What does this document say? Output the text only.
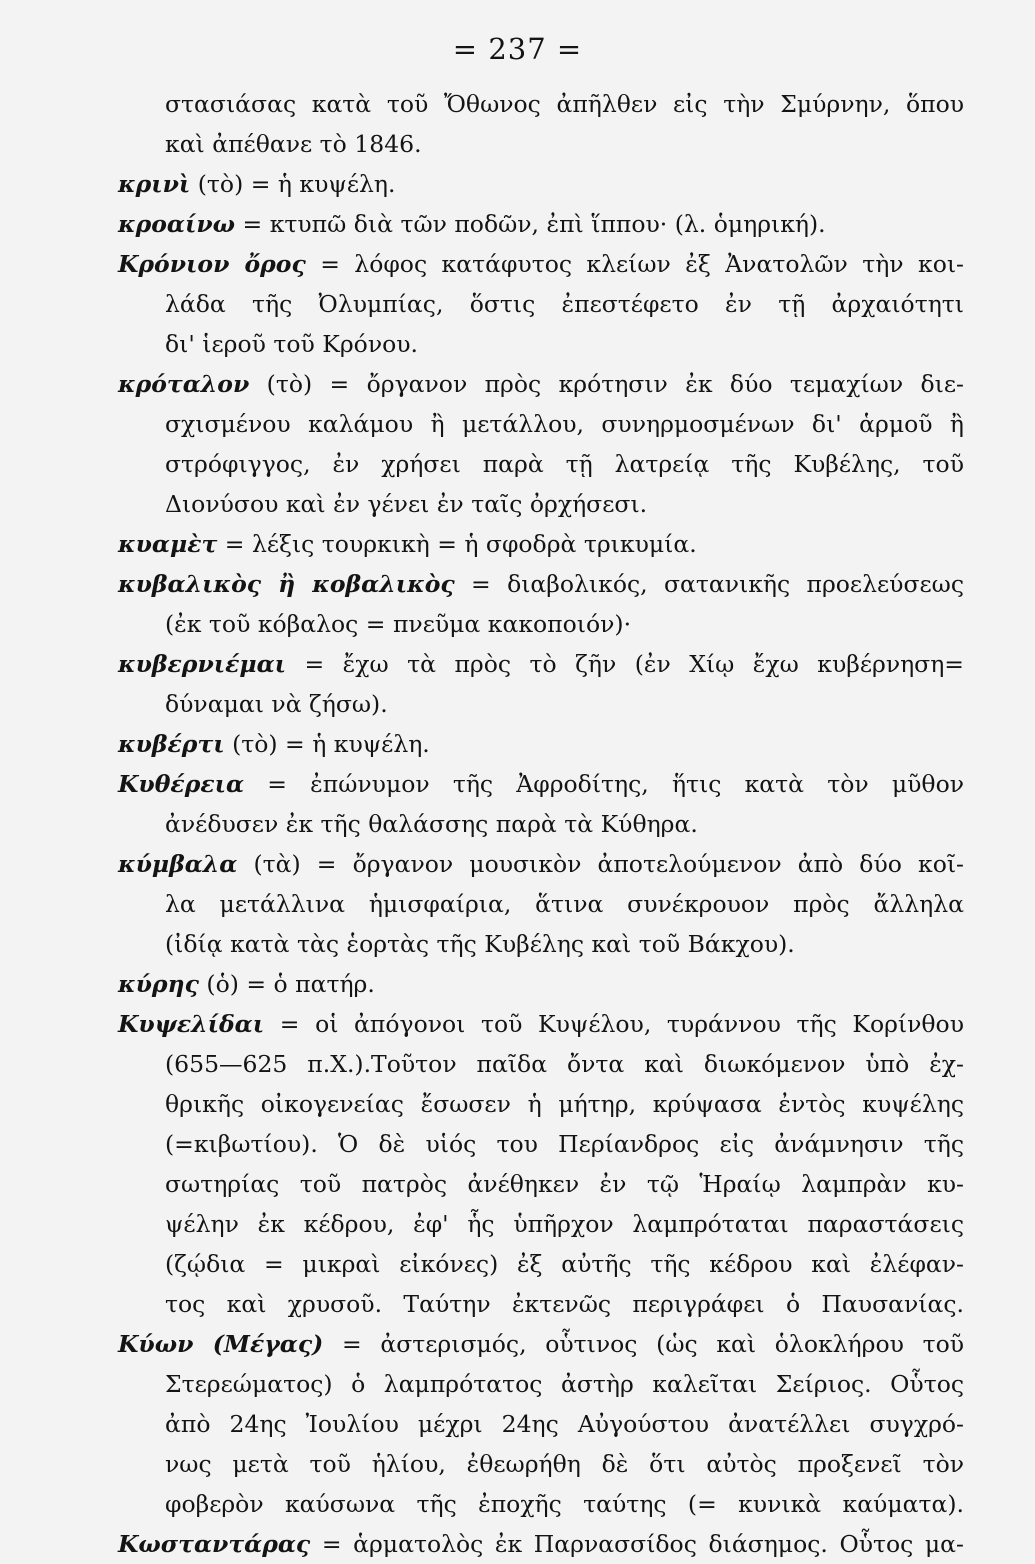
= 237 =
στασιάσας κατὰ τοῦ Ὄθωνος ἀπῆλθεν εἰς τὴν Σμύρνην, ὅπου
καὶ ἀπέθανε τὸ 1846.
κρινὶ (τὸ) = ἡ κυψέλη.
κροαίνω = κτυπῶ διὰ τῶν ποδῶν, ἐπὶ ἵππου· (λ. ὁμηρική).
Κρόνιον ὄρος = λόφος κατάφυτος κλείων ἐξ Ἀνατολῶν τὴν κοι-
λάδα τῆς Ὀλυμπίας, ὅστις ἐπεστέφετο ἐν τῇ ἀρχαιότητι
δι' ἱεροῦ τοῦ Κρόνου.
κρόταλον (τὸ) = ὄργανον πρὸς κρότησιν ἐκ δύο τεμαχίων διε-
σχισμένου καλάμου ἢ μετάλλου, συνηρμοσμένων δι' ἁρμοῦ ἢ
στρόφιγγος, ἐν χρήσει παρὰ τῇ λατρείᾳ τῆς Κυβέλης, τοῦ
Διονύσου καὶ ἐν γένει ἐν ταῖς ὀρχήσεσι.
κυαμὲτ = λέξις τουρκικὴ = ἡ σφοδρὰ τρικυμία.
κυβαλικὸς ἢ κοβαλικὸς = διαβολικός, σατανικῆς προελεύσεως
(ἐκ τοῦ κόβαλος = πνεῦμα κακοποιόν)·
κυβερνιέμαι = ἔχω τὰ πρὸς τὸ ζῆν (ἐν Χίῳ ἔχω κυβέρνηση=
δύναμαι νὰ ζήσω).
κυβέρτι (τὸ) = ἡ κυψέλη.
Κυθέρεια = ἐπώνυμον τῆς Ἀφροδίτης, ἥτις κατὰ τὸν μῦθον
ἀνέδυσεν ἐκ τῆς θαλάσσης παρὰ τὰ Κύθηρα.
κύμβαλα (τὰ) = ὄργανον μουσικὸν ἀποτελούμενον ἀπὸ δύο κοῖ-
λα μετάλλινα ἡμισφαίρια, ἅτινα συνέκρουον πρὸς ἄλληλα
(ἰδίᾳ κατὰ τὰς ἑορτὰς τῆς Κυβέλης καὶ τοῦ Βάκχου).
κύρης (ὁ) = ὁ πατήρ.
Κυψελίδαι = οἱ ἀπόγονοι τοῦ Κυψέλου, τυράννου τῆς Κορίνθου
(655—625 π.Χ.).Τοῦτον παῖδα ὄντα καὶ διωκόμενον ὑπὸ ἐχ-
θρικῆς οἰκογενείας ἔσωσεν ἡ μήτηρ, κρύψασα ἐντὸς κυψέλης
(=κιβωτίου). Ὁ δὲ υἱός του Περίανδρος εἰς ἀνάμνησιν τῆς
σωτηρίας τοῦ πατρὸς ἀνέθηκεν ἐν τῷ Ἡραίῳ λαμπρὰν κυ-
ψέλην ἐκ κέδρου, ἐφ' ἧς ὑπῆρχον λαμπρόταται παραστάσεις
(ζῴδια = μικραὶ εἰκόνες) ἐξ αὐτῆς τῆς κέδρου καὶ ἐλέφαν-
τος καὶ χρυσοῦ. Ταύτην ἐκτενῶς περιγράφει ὁ Παυσανίας.
Κύων (Μέγας) = ἀστερισμός, οὗτινος (ὡς καὶ ὁλοκλήρου τοῦ
Στερεώματος) ὁ λαμπρότατος ἀστὴρ καλεῖται Σείριος. Οὗτος
ἀπὸ 24ης Ἰουλίου μέχρι 24ης Αὐγούστου ἀνατέλλει συγχρό-
νως μετὰ τοῦ ἡλίου, ἐθεωρήθη δὲ ὅτι αὐτὸς προξενεῖ τὸν
φοβερὸν καύσωνα τῆς ἐποχῆς ταύτης (= κυνικὰ καύματα).
Κωσταντάρας = ἁρματολὸς ἐκ Παρνασσίδος διάσημος. Οὗτος μα-
